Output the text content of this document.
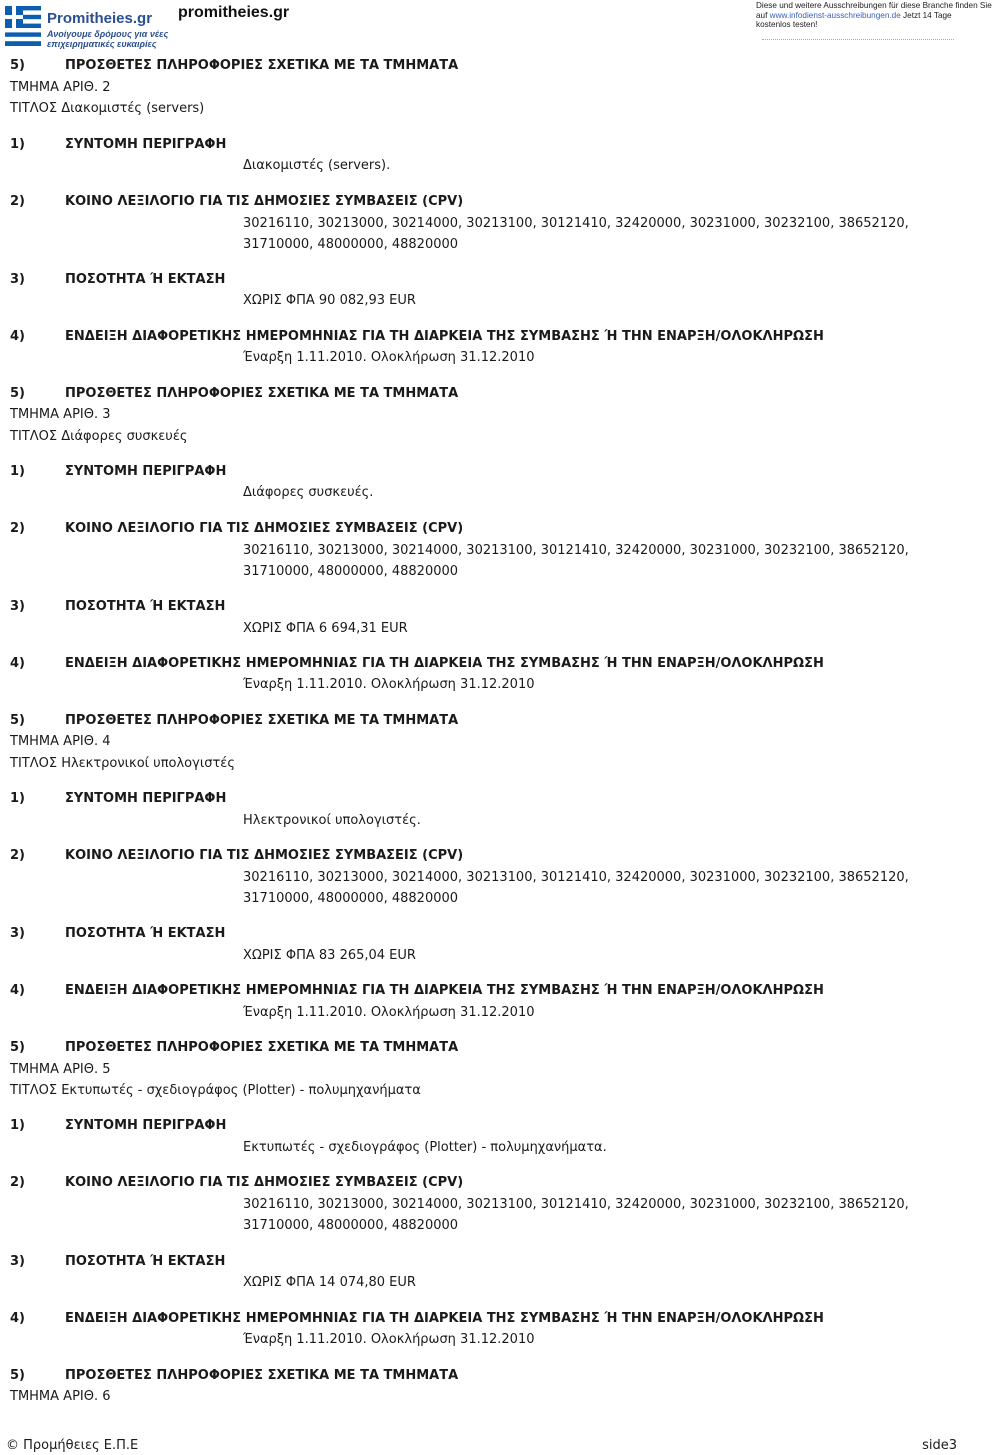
Promitheies.gr
Ανοίγουμε δρόμους για νέες
επιχειρηματικές ευκαιρίες
promitheies.gr	Diese und weitere Ausschreibungen für diese Branche finden Sie
auf www.infodienst-ausschreibungen.de Jetzt 14 Tage
kostenlos testen!
5)	ΠΡΟΣΘΕΤΕΣ ΠΛΗΡΟΦΟΡΙΕΣ ΣΧΕΤΙΚΑ ΜΕ ΤΑ ΤΜΗΜΑΤΑ
ΤΜΗΜΑ ΑΡΙΘ. 2
ΤΙΤΛΟΣ Διακομιστές (servers)
1)	ΣΥΝΤΟΜΗ ΠΕΡΙΓΡΑΦΗ
Διακομιστές (servers).
2)	ΚΟΙΝΟ ΛΕΞΙΛΟΓΙΟ ΓΙΑ ΤΙΣ ΔΗΜΟΣΙΕΣ ΣΥΜΒΑΣΕΙΣ (CPV)
30216110, 30213000, 30214000, 30213100, 30121410, 32420000, 30231000, 30232100, 38652120,
31710000, 48000000, 48820000
3)	ΠΟΣΟΤΗΤΑ Ή ΕΚΤΑΣΗ
ΧΩΡΙΣ ΦΠΑ 90 082,93 EUR
4)	ΕΝΔΕΙΞΗ ΔΙΑΦΟΡΕΤΙΚΗΣ ΗΜΕΡΟΜΗΝΙΑΣ ΓΙΑ ΤΗ ΔΙΑΡΚΕΙΑ ΤΗΣ ΣΥΜΒΑΣΗΣ Ή ΤΗΝ ΕΝΑΡΞΗ/ΟΛΟΚΛΗΡΩΣΗ
Έναρξη 1.11.2010. Ολοκλήρωση 31.12.2010
5)	ΠΡΟΣΘΕΤΕΣ ΠΛΗΡΟΦΟΡΙΕΣ ΣΧΕΤΙΚΑ ΜΕ ΤΑ ΤΜΗΜΑΤΑ
ΤΜΗΜΑ ΑΡΙΘ. 3
ΤΙΤΛΟΣ Διάφορες συσκευές
1)	ΣΥΝΤΟΜΗ ΠΕΡΙΓΡΑΦΗ
Διάφορες συσκευές.
2)	ΚΟΙΝΟ ΛΕΞΙΛΟΓΙΟ ΓΙΑ ΤΙΣ ΔΗΜΟΣΙΕΣ ΣΥΜΒΑΣΕΙΣ (CPV)
30216110, 30213000, 30214000, 30213100, 30121410, 32420000, 30231000, 30232100, 38652120,
31710000, 48000000, 48820000
3)	ΠΟΣΟΤΗΤΑ Ή ΕΚΤΑΣΗ
ΧΩΡΙΣ ΦΠΑ 6 694,31 EUR
4)	ΕΝΔΕΙΞΗ ΔΙΑΦΟΡΕΤΙΚΗΣ ΗΜΕΡΟΜΗΝΙΑΣ ΓΙΑ ΤΗ ΔΙΑΡΚΕΙΑ ΤΗΣ ΣΥΜΒΑΣΗΣ Ή ΤΗΝ ΕΝΑΡΞΗ/ΟΛΟΚΛΗΡΩΣΗ
Έναρξη 1.11.2010. Ολοκλήρωση 31.12.2010
5)	ΠΡΟΣΘΕΤΕΣ ΠΛΗΡΟΦΟΡΙΕΣ ΣΧΕΤΙΚΑ ΜΕ ΤΑ ΤΜΗΜΑΤΑ
ΤΜΗΜΑ ΑΡΙΘ. 4
ΤΙΤΛΟΣ Ηλεκτρονικοί υπολογιστές
1)	ΣΥΝΤΟΜΗ ΠΕΡΙΓΡΑΦΗ
Ηλεκτρονικοί υπολογιστές.
2)	ΚΟΙΝΟ ΛΕΞΙΛΟΓΙΟ ΓΙΑ ΤΙΣ ΔΗΜΟΣΙΕΣ ΣΥΜΒΑΣΕΙΣ (CPV)
30216110, 30213000, 30214000, 30213100, 30121410, 32420000, 30231000, 30232100, 38652120,
31710000, 48000000, 48820000
3)	ΠΟΣΟΤΗΤΑ Ή ΕΚΤΑΣΗ
ΧΩΡΙΣ ΦΠΑ 83 265,04 EUR
4)	ΕΝΔΕΙΞΗ ΔΙΑΦΟΡΕΤΙΚΗΣ ΗΜΕΡΟΜΗΝΙΑΣ ΓΙΑ ΤΗ ΔΙΑΡΚΕΙΑ ΤΗΣ ΣΥΜΒΑΣΗΣ Ή ΤΗΝ ΕΝΑΡΞΗ/ΟΛΟΚΛΗΡΩΣΗ
Έναρξη 1.11.2010. Ολοκλήρωση 31.12.2010
5)	ΠΡΟΣΘΕΤΕΣ ΠΛΗΡΟΦΟΡΙΕΣ ΣΧΕΤΙΚΑ ΜΕ ΤΑ ΤΜΗΜΑΤΑ
ΤΜΗΜΑ ΑΡΙΘ. 5
ΤΙΤΛΟΣ Εκτυπωτές - σχεδιογράφος (Plotter) - πολυμηχανήματα
1)	ΣΥΝΤΟΜΗ ΠΕΡΙΓΡΑΦΗ
Εκτυπωτές - σχεδιογράφος (Plotter) - πολυμηχανήματα.
2)	ΚΟΙΝΟ ΛΕΞΙΛΟΓΙΟ ΓΙΑ ΤΙΣ ΔΗΜΟΣΙΕΣ ΣΥΜΒΑΣΕΙΣ (CPV)
30216110, 30213000, 30214000, 30213100, 30121410, 32420000, 30231000, 30232100, 38652120,
31710000, 48000000, 48820000
3)	ΠΟΣΟΤΗΤΑ Ή ΕΚΤΑΣΗ
ΧΩΡΙΣ ΦΠΑ 14 074,80 EUR
4)	ΕΝΔΕΙΞΗ ΔΙΑΦΟΡΕΤΙΚΗΣ ΗΜΕΡΟΜΗΝΙΑΣ ΓΙΑ ΤΗ ΔΙΑΡΚΕΙΑ ΤΗΣ ΣΥΜΒΑΣΗΣ Ή ΤΗΝ ΕΝΑΡΞΗ/ΟΛΟΚΛΗΡΩΣΗ
Έναρξη 1.11.2010. Ολοκλήρωση 31.12.2010
5)	ΠΡΟΣΘΕΤΕΣ ΠΛΗΡΟΦΟΡΙΕΣ ΣΧΕΤΙΚΑ ΜΕ ΤΑ ΤΜΗΜΑΤΑ
ΤΜΗΜΑ ΑΡΙΘ. 6
© Προμήθειες Ε.Π.Ε	side3
